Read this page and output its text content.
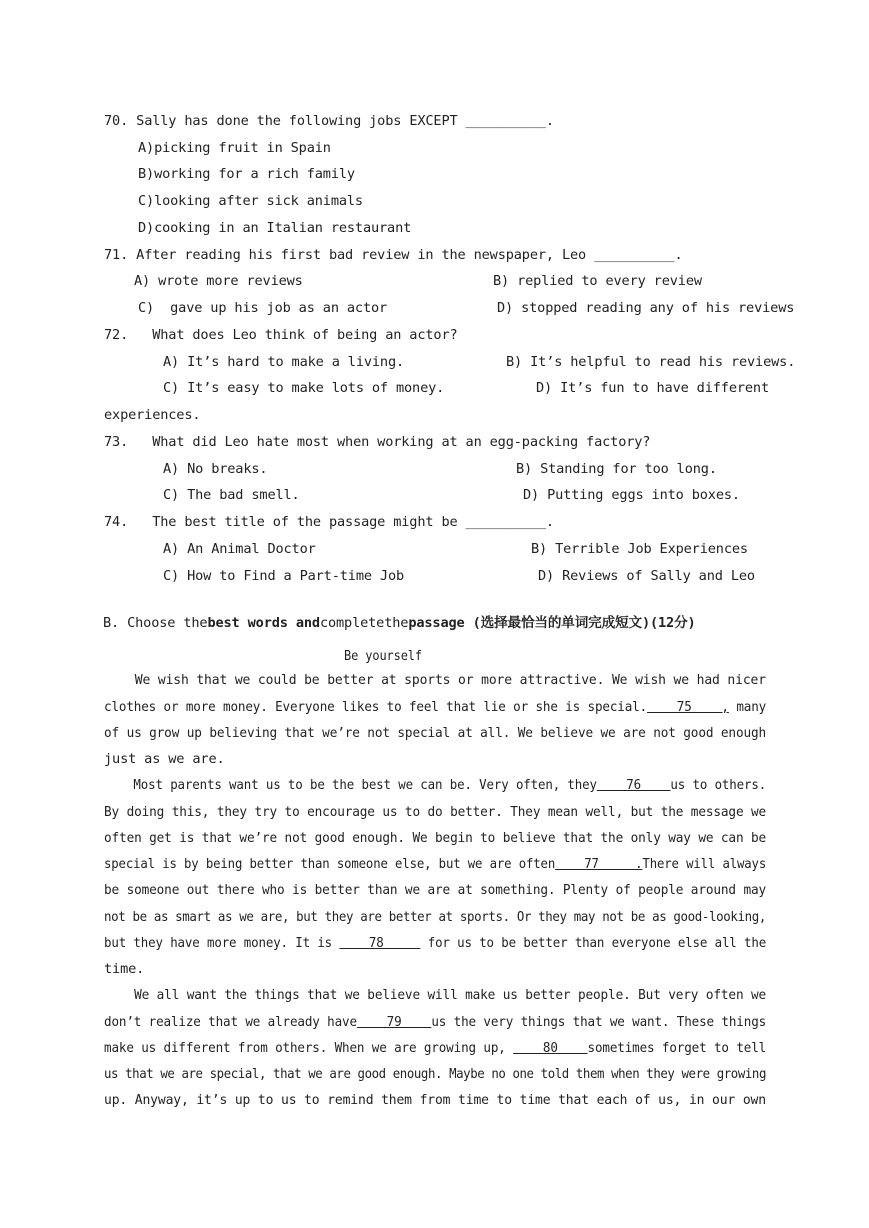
70. Sally has done the following jobs EXCEPT __________.
A)picking fruit in Spain
B)working for a rich family
C)looking after sick animals
D)cooking in an Italian restaurant
71. After reading his first bad review in the newspaper, Leo __________.
A) wrote more reviews	B) replied to every review
C)  gave up his job as an actor	D) stopped reading any of his reviews
72. What does Leo think of being an actor?
A) It’s hard to make a living.	B) It’s helpful to read his reviews.
C) It’s easy to make lots of money.	D) It’s fun to have different
experiences.
73. What did Leo hate most when working at an egg-packing factory?
A) No breaks.	B) Standing for too long.
C) The bad smell.	D) Putting eggs into boxes.
74. The best title of the passage might be __________.
A) An Animal Doctor	B) Terrible Job Experiences
C) How to Find a Part-time Job	D) Reviews of Sally and Leo
B. Choose thebest words andcompletethepassage (选择最恰当的单词完成短文)(12分)
Be yourself
We wish that we could be better at sports or more attractive. We wish we had nicer
clothes or more money. Everyone likes to feel that lie or she is special.    75    , many
of us grow up believing that we’re not special at all. We believe we are not good enough
just as we are.
Most parents want us to be the best we can be. Very often, they    76    us to others.
By doing this, they try to encourage us to do better. They mean well, but the message we
often get is that we’re not good enough. We begin to believe that the only way we can be
special is by being better than someone else, but we are often    77     .There will always
be someone out there who is better than we are at something. Plenty of people around may
not be as smart as we are, but they are better at sports. Or they may not be as good-looking,
but they have more money. It is     78      for us to be better than everyone else all the
time.
We all want the things that we believe will make us better people. But very often we
don’t realize that we already have    79    us the very things that we want. These things
make us different from others. When we are growing up,     80    sometimes forget to tell
us that we are special, that we are good enough. Maybe no one told them when they were growing
up. Anyway, it’s up to us to remind them from time to time that each of us, in our own
